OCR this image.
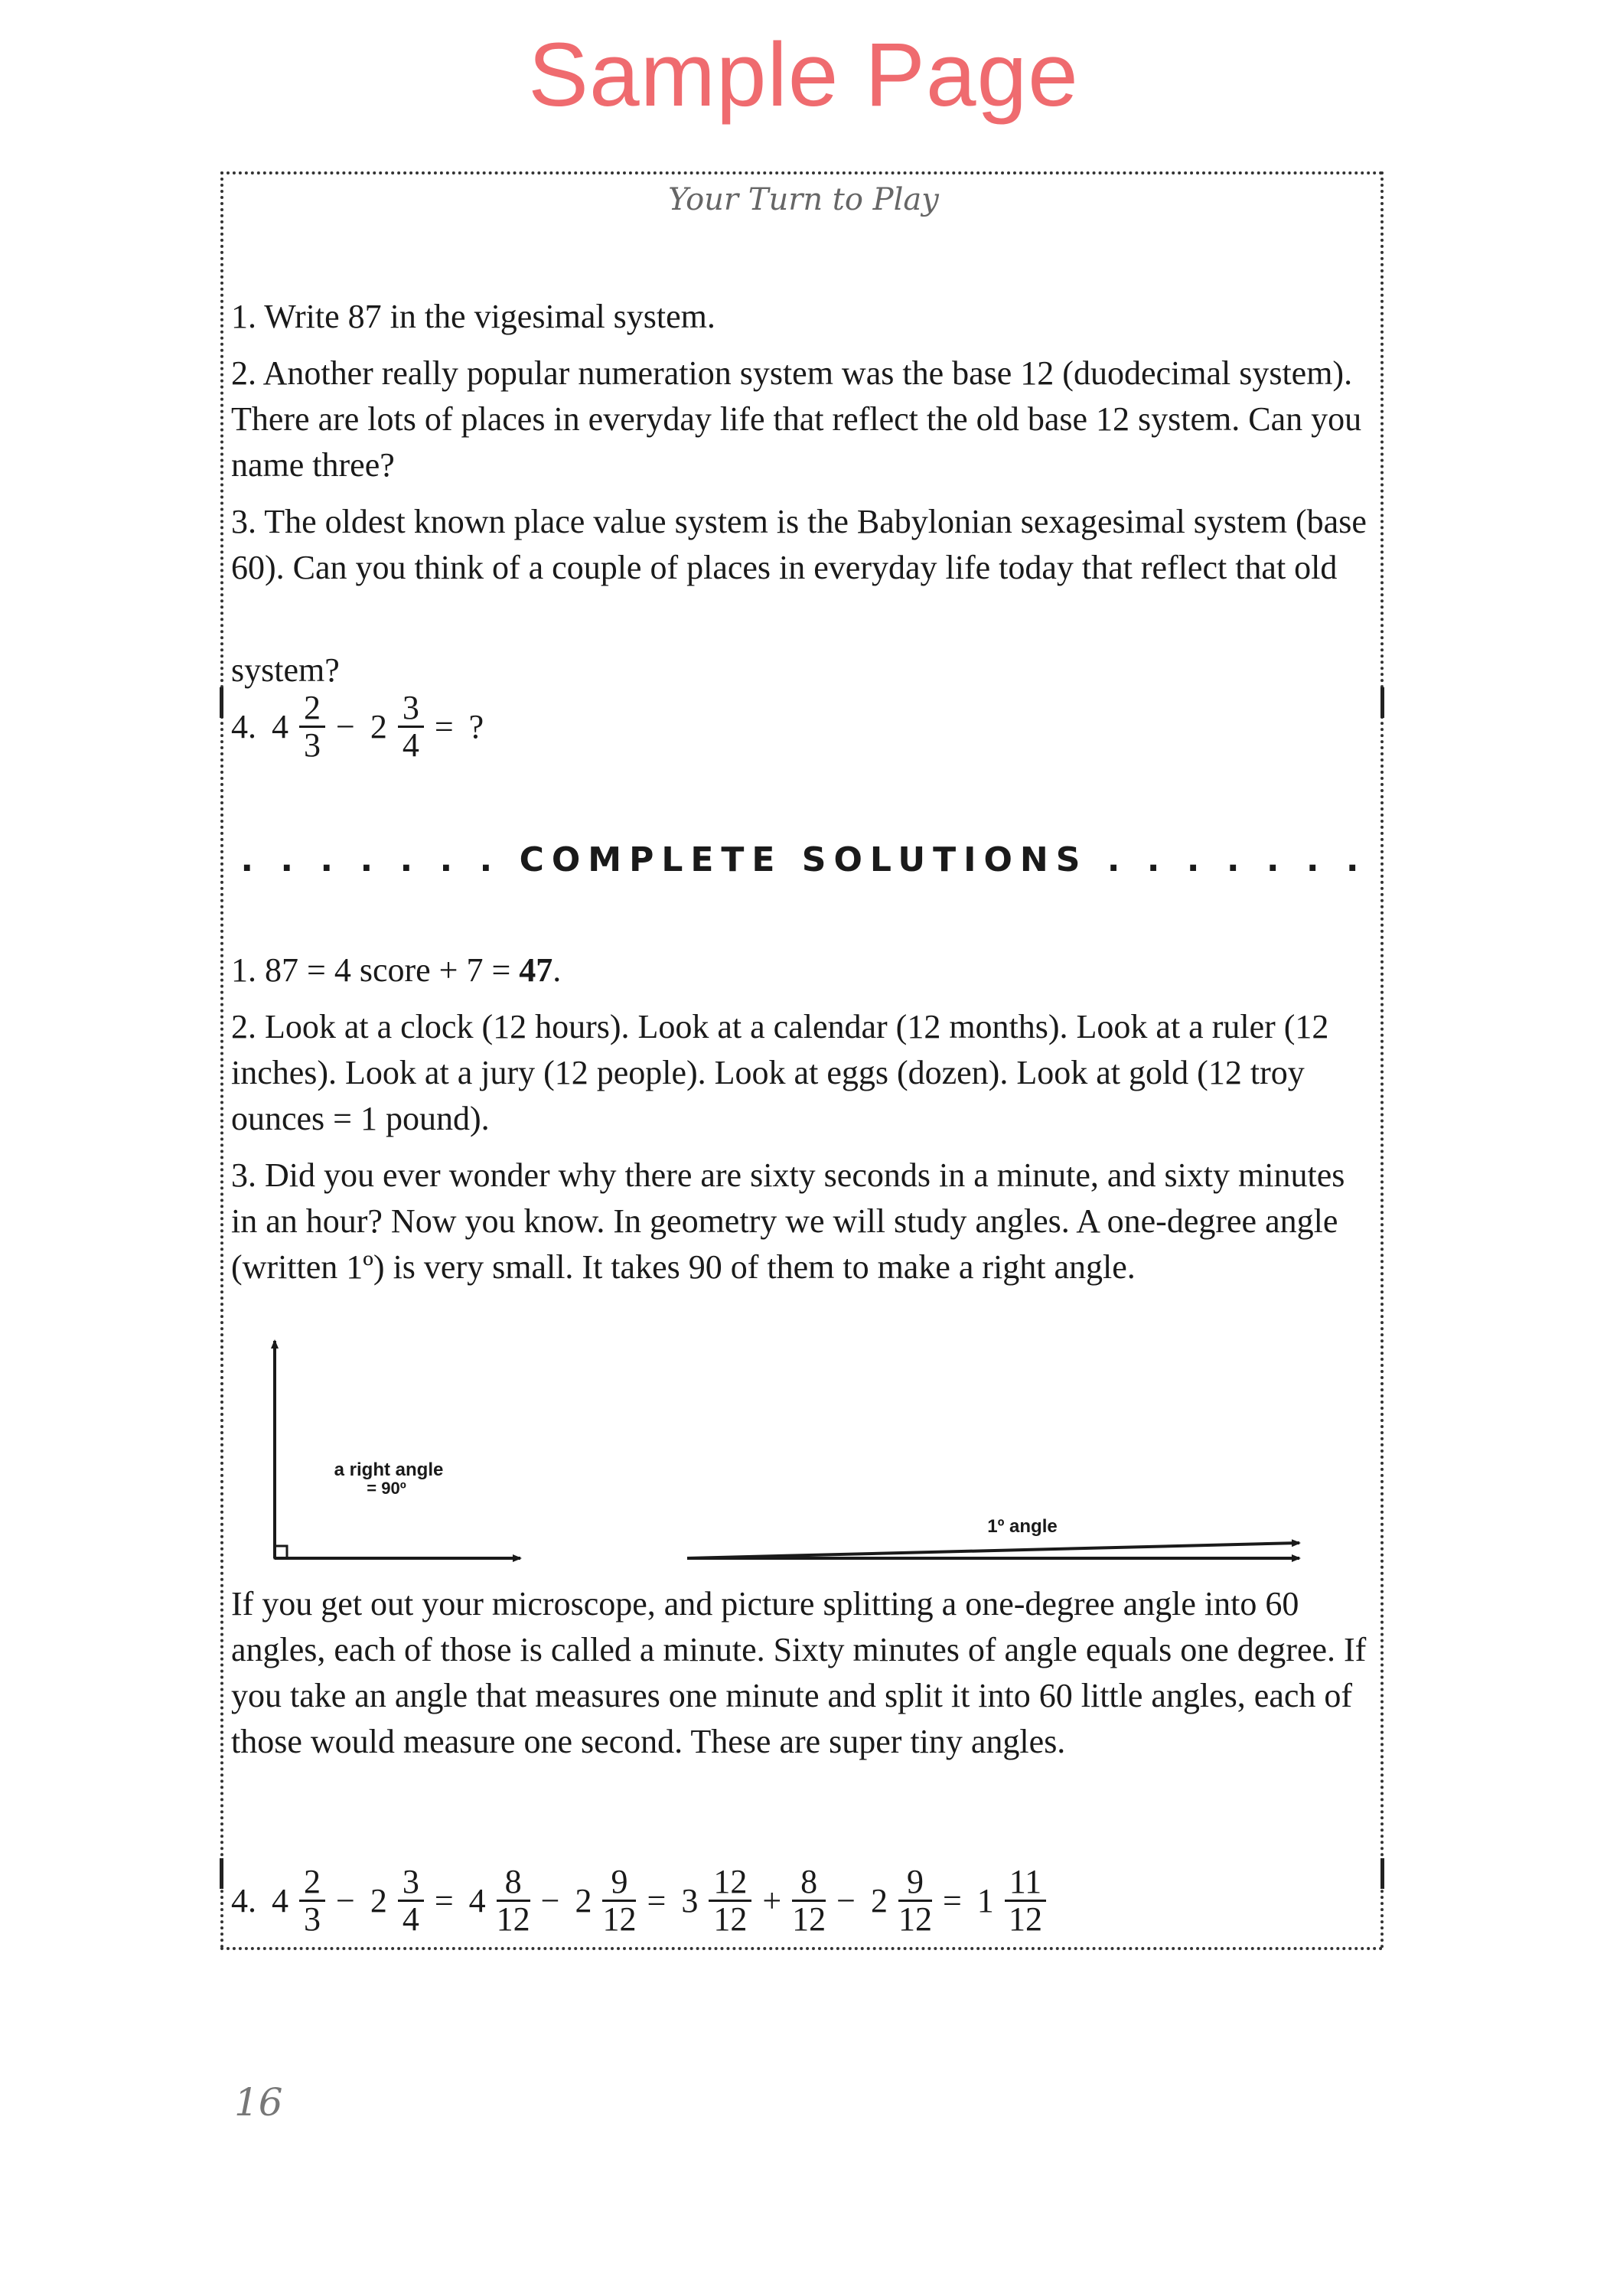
Sample Page
Your Turn to Play
1. Write 87 in the vigesimal system.
2. Another really popular numeration system was the base 12 (duodecimal system). There are lots of places in everyday life that reflect the old base 12 system. Can you name three?
3. The oldest known place value system is the Babylonian sexagesimal system (base 60). Can you think of a couple of places in everyday life today that reflect that old
system?
4. $4 \frac{2}{3} - 2 \frac{3}{4}$ = ?
. . . . . . . COMPLETE SOLUTIONS . . . . . . .
1. 87 = 4 score + 7 = 47.
2. Look at a clock (12 hours). Look at a calendar (12 months). Look at a ruler (12 inches). Look at a jury (12 people). Look at eggs (dozen). Look at gold (12 troy ounces = 1 pound).
3. Did you ever wonder why there are sixty seconds in a minute, and sixty minutes in an hour? Now you know. In geometry we will study angles. A one-degree angle (written 1º) is very small. It takes 90 of them to make a right angle.
a right angle
= 90º
1º angle
If you get out your microscope, and picture splitting a one-degree angle into 60 angles, each of those is called a minute. Sixty minutes of angle equals one degree. If you take an angle that measures one minute and split it into 60 little angles, each of those would measure one second. These are super tiny angles.
4. $4 \frac{2}{3} - 2 \frac{3}{4} = 4 \frac{8}{12} - 2 \frac{9}{12} = 3 \frac{12}{12} + \frac{8}{12} - 2 \frac{9}{12} = 1 \frac{11}{12}$
16
